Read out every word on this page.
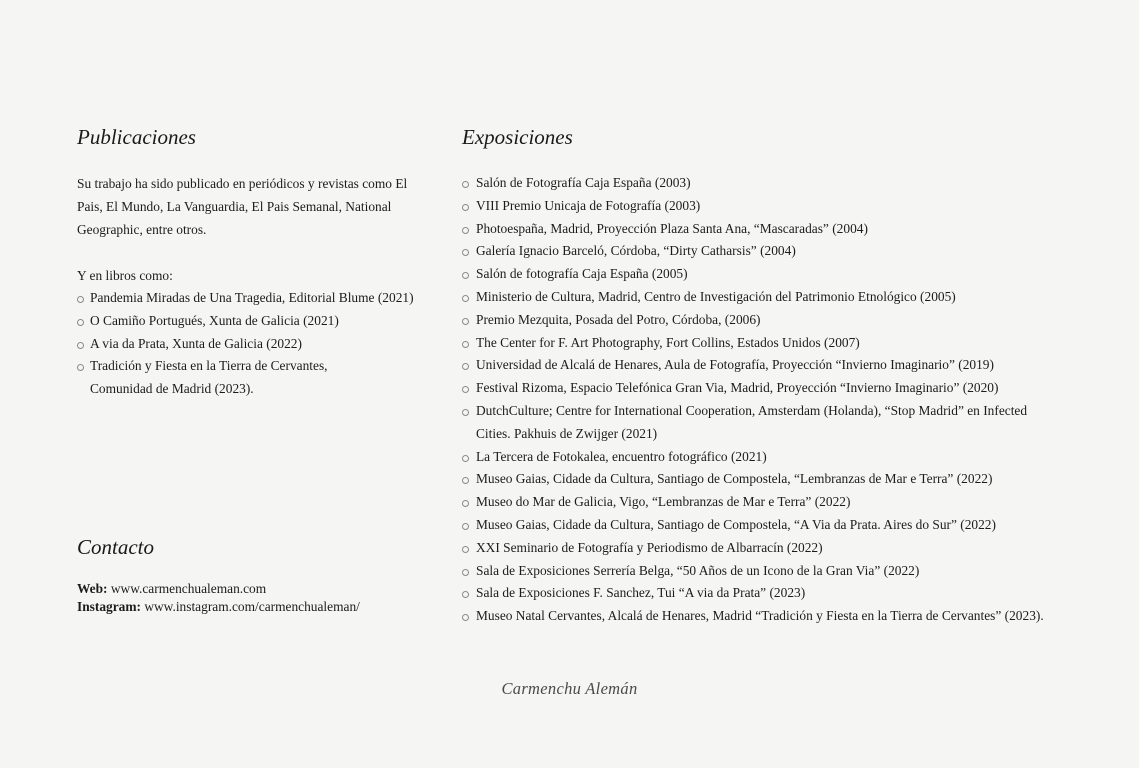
Publicaciones

Su trabajo ha sido publicado en periódicos y revistas como El Pais, El Mundo, La Vanguardia, El Pais Semanal, National Geographic, entre otros.

Y en libros como:

Pandemia Miradas de Una Tragedia, Editorial Blume (2021)
O Camiño Portugués, Xunta de Galicia (2021)
A via da Prata, Xunta de Galicia (2022)
Tradición y Fiesta en la Tierra de Cervantes, Comunidad de Madrid (2023).
Exposiciones
Salón de Fotografía Caja España (2003)
VIII Premio Unicaja de Fotografía (2003)
Photoespaña, Madrid, Proyección Plaza Santa Ana, “Mascaradas” (2004)
Galería Ignacio Barceló, Córdoba, “Dirty Catharsis” (2004)
Salón de fotografía Caja España (2005)
Ministerio de Cultura, Madrid, Centro de Investigación del Patrimonio Etnológico (2005)
Premio Mezquita, Posada del Potro, Córdoba, (2006)
The Center for F. Art Photography, Fort Collins, Estados Unidos (2007)
Universidad de Alcalá de Henares, Aula de Fotografía, Proyección “Invierno Imaginario” (2019)
Festival Rizoma, Espacio Telefónica Gran Via, Madrid, Proyección “Invierno Imaginario” (2020)
DutchCulture; Centre for International Cooperation, Amsterdam (Holanda), “Stop Madrid” en Infected Cities. Pakhuis de Zwijger (2021)
La Tercera de Fotokalea, encuentro fotográfico (2021)
Museo Gaias, Cidade da Cultura, Santiago de Compostela, “Lembranzas de Mar e Terra” (2022)
Museo do Mar de Galicia, Vigo, “Lembranzas de Mar e Terra” (2022)
Museo Gaias, Cidade da Cultura, Santiago de Compostela, “A Via da Prata. Aires do Sur” (2022)
XXI Seminario de Fotografía y Periodismo de Albarracín (2022)
Sala de Exposiciones Serrería Belga, “50 Años de un Icono de la Gran Via” (2022)
Sala de Exposiciones F. Sanchez, Tui “A via da Prata” (2023)
Museo Natal Cervantes, Alcalá de Henares, Madrid “Tradición y Fiesta en la Tierra de Cervantes” (2023).
Contacto
Web: www.carmenchualeman.com
Instagram: www.instagram.com/carmenchualeman/
Carmenchu Alemán
